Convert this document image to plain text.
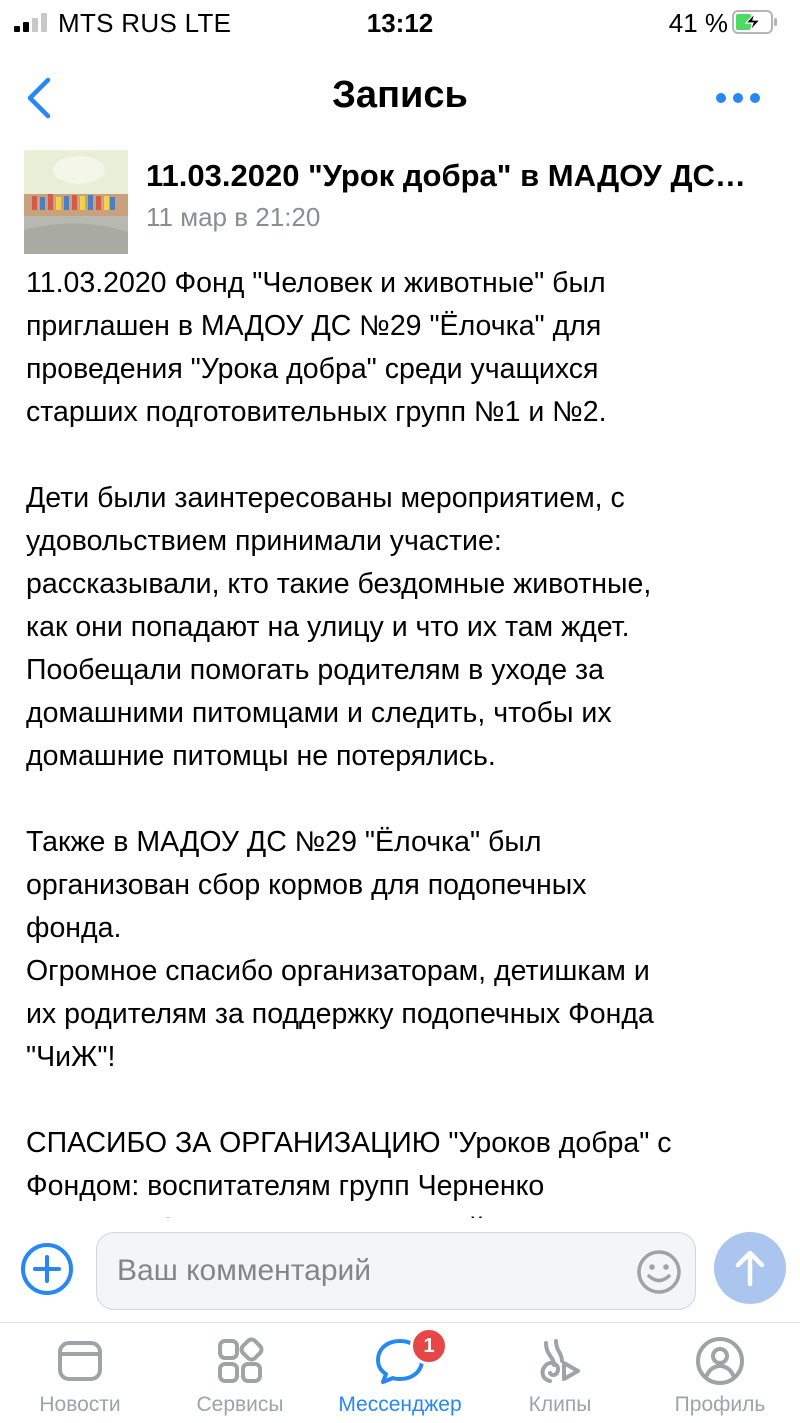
MTS RUS LTE	13:12	41 %
Запись
11.03.2020 "Урок добра" в МАДОУ ДС…
11 мар в 21:20

11.03.2020 Фонд "Человек и животные" был
приглашен в МАДОУ ДС №29 "Ёлочка" для
проведения "Урока добра" среди учащихся
старших подготовительных групп №1 и №2.

Дети были заинтересованы мероприятием, с
удовольствием принимали участие:
рассказывали, кто такие бездомные животные,
как они попадают на улицу и что их там ждет.
Пообещали помогать родителям в уходе за
домашними питомцами и следить, чтобы их
домашние питомцы не потерялись.

Также в МАДОУ ДС №29 "Ёлочка" был
организован сбор кормов для подопечных
фонда.
Огромное спасибо организаторам, детишкам и
их родителям за поддержку подопечных Фонда
"ЧиЖ"!

СПАСИБО ЗА ОРГАНИЗАЦИЮ "Уроков добра" с
Фондом: воспитателям групп Черненко

Ваш комментарий
Новости	Сервисы
1
Мессенджер	Клипы	Профиль
